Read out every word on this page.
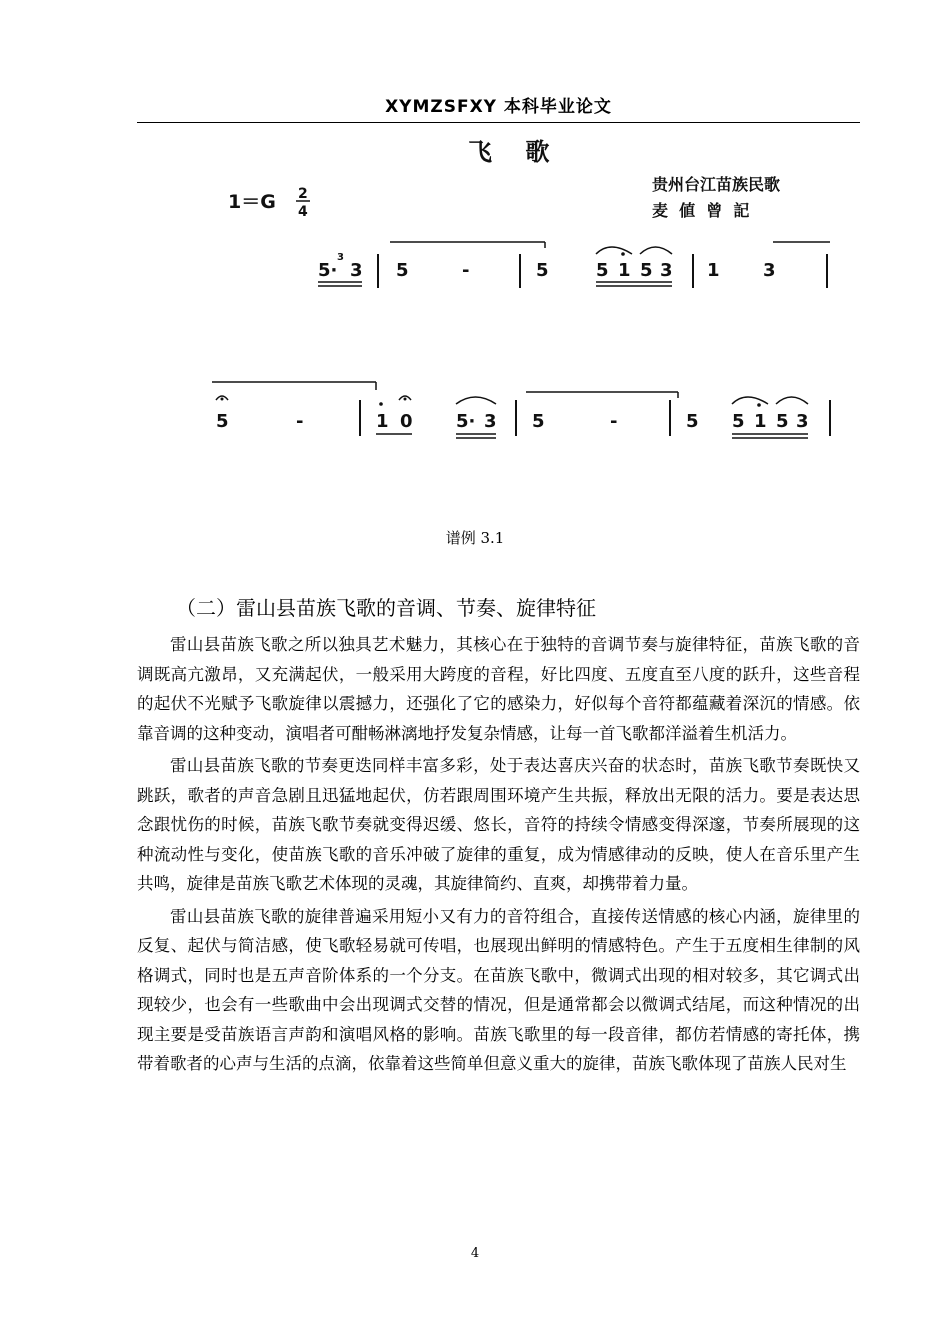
XYMZSFXY 本科毕业论文
飞    歌
1＝G 2
4
贵州台江苗族民歌
麦  値  曾  記
5·
3
3 5	-	5	5 1 5 3 1 3
5	-	1 0 5· 3 5	-	5 5 1 5 3
谱例 3.1
（二）雷山县苗族飞歌的音调、节奏、旋律特征

雷山县苗族飞歌之所以独具艺术魅力，其核心在于独特的音调节奏与旋律特征，苗族飞歌的音调既高亢激昂，又充满起伏，一般采用大跨度的音程，好比四度、五度直至八度的跃升，这些音程的起伏不光赋予飞歌旋律以震撼力，还强化了它的感染力，好似每个音符都蕴藏着深沉的情感。依靠音调的这种变动，演唱者可酣畅淋漓地抒发复杂情感，让每一首飞歌都洋溢着生机活力。

雷山县苗族飞歌的节奏更迭同样丰富多彩，处于表达喜庆兴奋的状态时，苗族飞歌节奏既快又跳跃，歌者的声音急剧且迅猛地起伏，仿若跟周围环境产生共振，释放出无限的活力。要是表达思念跟忧伤的时候，苗族飞歌节奏就变得迟缓、悠长，音符的持续令情感变得深邃，节奏所展现的这种流动性与变化，使苗族飞歌的音乐冲破了旋律的重复，成为情感律动的反映，使人在音乐里产生共鸣，旋律是苗族飞歌艺术体现的灵魂，其旋律简约、直爽，却携带着力量。

雷山县苗族飞歌的旋律普遍采用短小又有力的音符组合，直接传送情感的核心内涵，旋律里的反复、起伏与简洁感，使飞歌轻易就可传唱，也展现出鲜明的情感特色。产生于五度相生律制的风格调式，同时也是五声音阶体系的一个分支。在苗族飞歌中，微调式出现的相对较多，其它调式出现较少，也会有一些歌曲中会出现调式交替的情况，但是通常都会以微调式结尾，而这种情况的出现主要是受苗族语言声韵和演唱风格的影响。苗族飞歌里的每一段音律，都仿若情感的寄托体，携带着歌者的心声与生活的点滴，依靠着这些简单但意义重大的旋律，苗族飞歌体现了苗族人民对生

4
